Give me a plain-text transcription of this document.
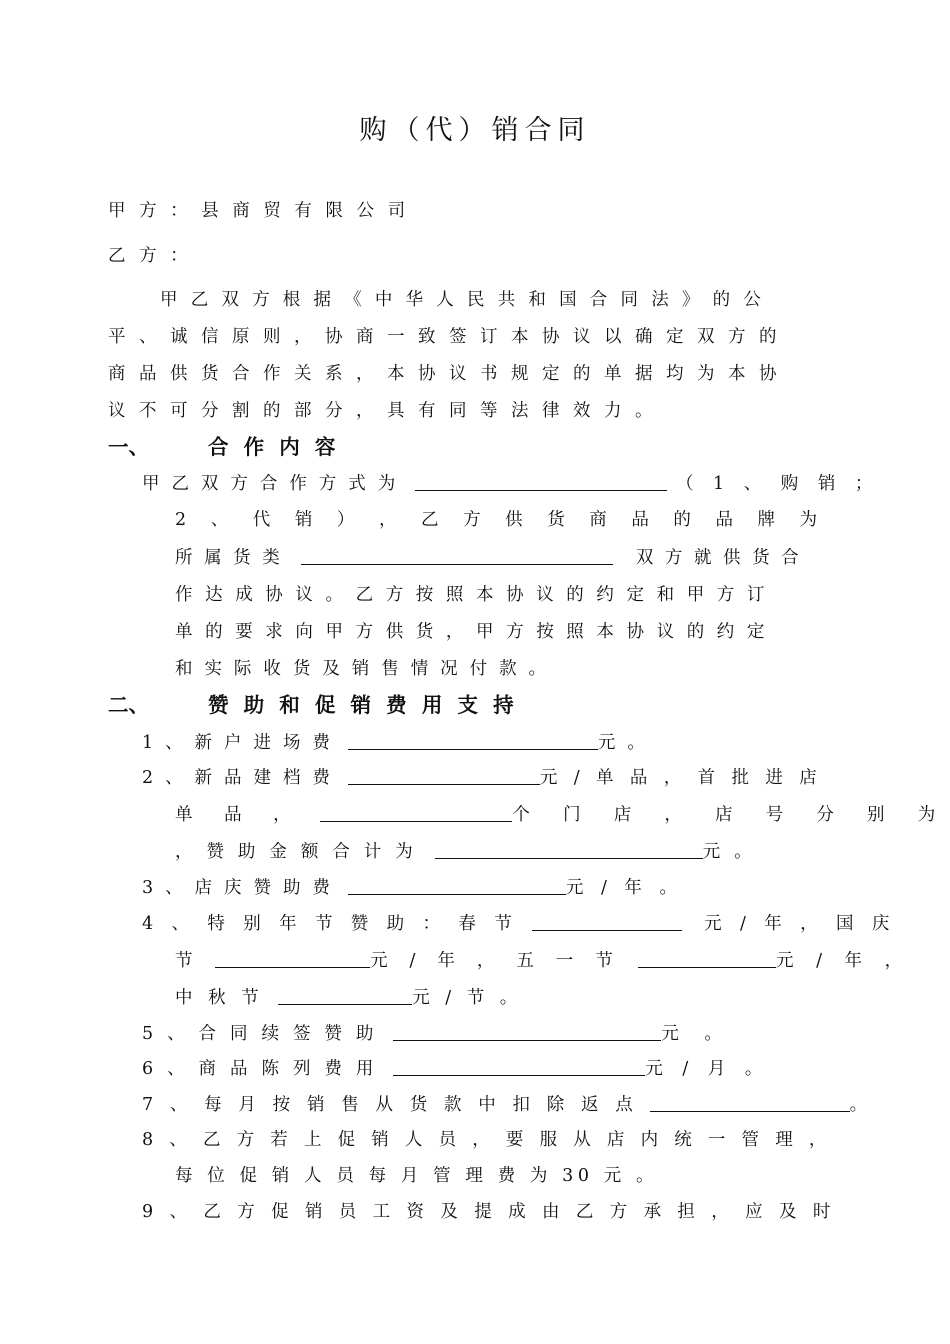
购（代）销合同
甲 方 ： 县 商 贸 有 限 公 司
乙 方 ：
甲乙双方根据《中华人民共和国合同法》的公
平、诚信原则，协商一致签订本协议以确定双方的
商品供货合作关系，本协议书规定的单据均为本协
议不可分割的部分，具有同等法律效力。
一、	合 作 内 容
甲 乙 双 方 合 作 方 式 为	（ 1 、 购 销 ；
2 、 代 销 ） ， 乙 方 供 货 商 品 的 品 牌 为
所 属 货 类	双 方 就 供 货 合
作达成协议。乙方按照本协议的约定和甲方订
单的要求向甲方供货，甲方按照本协议的约定
和 实 际 收 货 及 销 售 情 况 付 款 。
二、	赞 助 和 促 销 费 用 支 持
1 、 新 户 进 场 费	元 。
2 、 新 品 建 档 费	元 / 单 品 ， 首 批 进 店
单 品 ，	个 门 店 ， 店 号 分 别 为
， 赞 助 金 额 合 计 为	元 。
3 、 店 庆 赞 助 费	元 / 年 。
4 、 特 别 年 节 赞 助 ： 春 节	元 / 年 ， 国 庆
节	元 / 年 ， 五 一 节	元 / 年 ，
中 秋 节	元 / 节 。
5 、 合 同 续 签 赞 助	元 。
6 、 商 品 陈 列 费 用	元 / 月 。
7 、 每 月 按 销 售 从 货 款 中 扣 除 返 点	。
8 、 乙 方 若 上 促 销 人 员 ， 要 服 从 店 内 统 一 管 理 ，
每 位 促 销 人 员 每 月 管 理 费 为 30 元 。
9 、 乙 方 促 销 员 工 资 及 提 成 由 乙 方 承 担 ， 应 及 时
